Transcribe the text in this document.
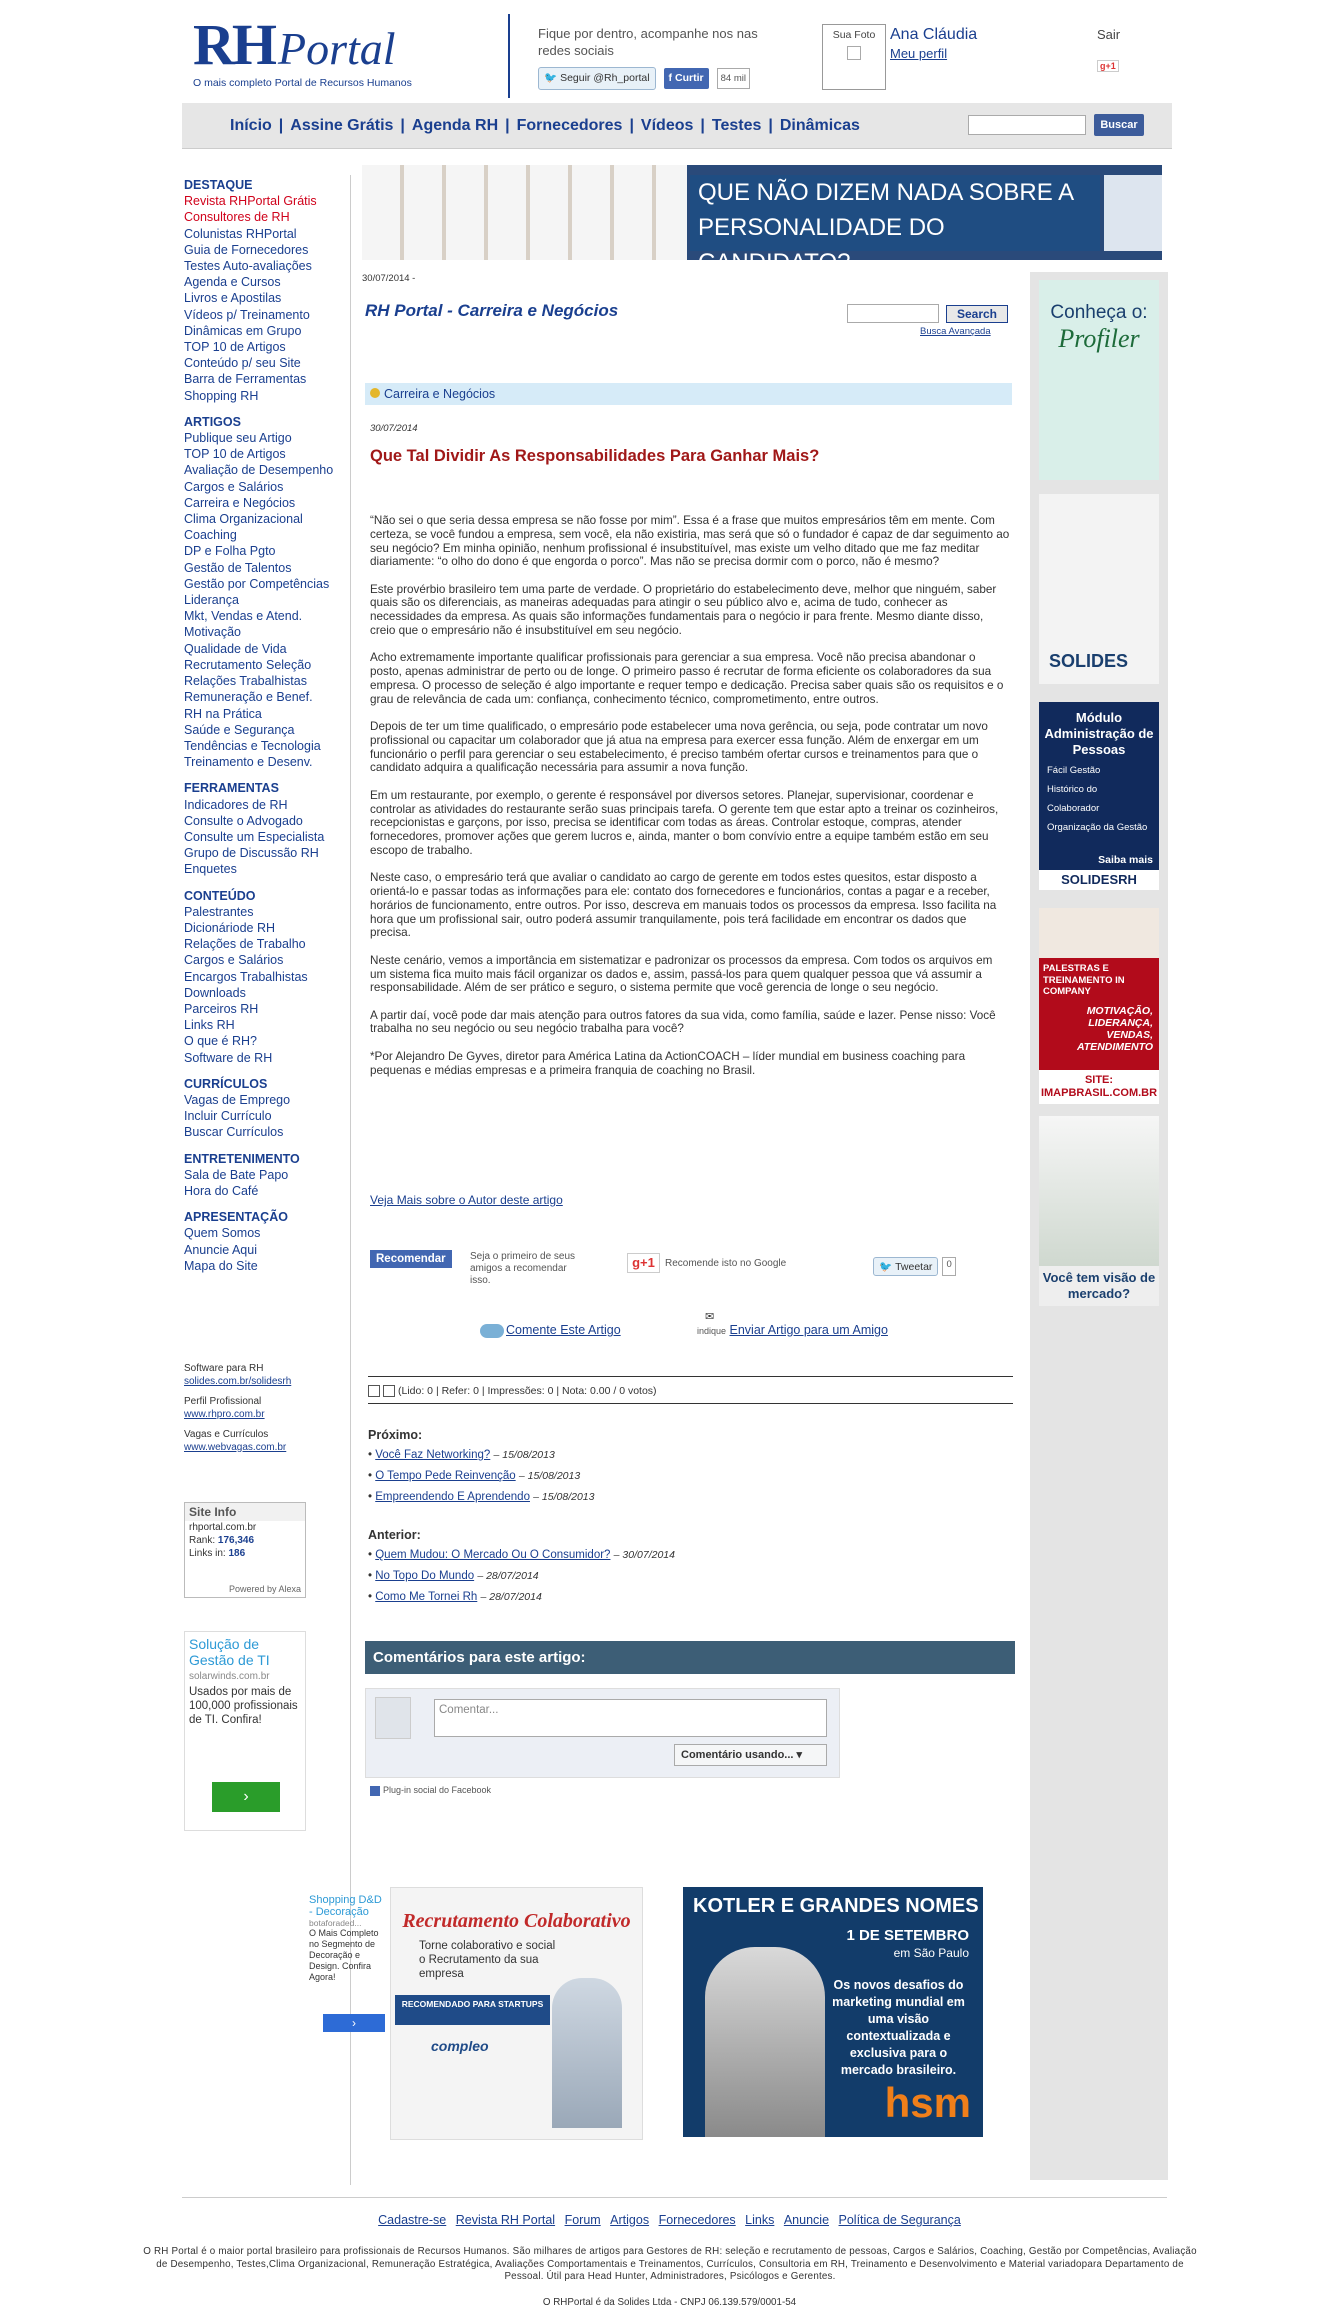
RHPortal
O mais completo Portal de Recursos Humanos
Fique por dentro, acompanhe nos nas redes sociais
🐦 Seguir @Rh_portal f Curtir	84 mil
Sua Foto Ana Cláudia
Meu perfil
Sair
g+1
Início | Assine Grátis | Agenda RH | Fornecedores | Vídeos | Testes | Dinâmicas	Buscar
QUE NÃO DIZEM NADA SOBRE A PERSONALIDADE DO CANDIDATO?
DESTAQUE
Revista RHPortal Grátis
Consultores de RH
Colunistas RHPortal
Guia de Fornecedores
Testes Auto-avaliações
Agenda e Cursos
Livros e Apostilas
Vídeos p/ Treinamento
Dinâmicas em Grupo
TOP 10 de Artigos
Conteúdo p/ seu Site
Barra de Ferramentas
Shopping RH
ARTIGOS
Publique seu Artigo
TOP 10 de Artigos
Avaliação de Desempenho
Cargos e Salários
Carreira e Negócios
Clima Organizacional
Coaching
DP e Folha Pgto
Gestão de Talentos
Gestão por Competências
Liderança
Mkt, Vendas e Atend.
Motivação
Qualidade de Vida
Recrutamento Seleção
Relações Trabalhistas
Remuneração e Benef.
RH na Prática
Saúde e Segurança
Tendências e Tecnologia
Treinamento e Desenv.
FERRAMENTAS
Indicadores de RH
Consulte o Advogado
Consulte um Especialista
Grupo de Discussão RH
Enquetes
CONTEÚDO
Palestrantes
Dicionáriode RH
Relações de Trabalho
Cargos e Salários
Encargos Trabalhistas
Downloads
Parceiros RH
Links RH
O que é RH?
Software de RH
CURRÍCULOS
Vagas de Emprego
Incluir Currículo
Buscar Currículos
ENTRETENIMENTO
Sala de Bate Papo
Hora do Café
APRESENTAÇÃO
Quem Somos
Anuncie Aqui
Mapa do Site
Software para RH
solides.com.br/solidesrh
Perfil Profissional
www.rhpro.com.br
Vagas e Currículos
www.webvagas.com.br
Site Info
rhportal.com.br
Rank: 176,346
Links in: 186
Powered by Alexa
Solução de Gestão de TI
solarwinds.com.br
Usados por mais de 100,000 profissionais de TI. Confira!
›
30/07/2014 -
RH Portal - Carreira e Negócios	Search
Busca Avançada
Carreira e Negócios
30/07/2014
Que Tal Dividir As Responsabilidades Para Ganhar Mais?

“Não sei o que seria dessa empresa se não fosse por mim”. Essa é a frase que muitos empresários têm em mente. Com certeza, se você fundou a empresa, sem você, ela não existiria, mas será que só o fundador é capaz de dar seguimento ao seu negócio? Em minha opinião, nenhum profissional é insubstituível, mas existe um velho ditado que me faz meditar diariamente: “o olho do dono é que engorda o porco”. Mas não se precisa dormir com o porco, não é mesmo?

Este provérbio brasileiro tem uma parte de verdade. O proprietário do estabelecimento deve, melhor que ninguém, saber quais são os diferenciais, as maneiras adequadas para atingir o seu público alvo e, acima de tudo, conhecer as necessidades da empresa. As quais são informações fundamentais para o negócio ir para frente. Mesmo diante disso, creio que o empresário não é insubstituível em seu negócio.

Acho extremamente importante qualificar profissionais para gerenciar a sua empresa. Você não precisa abandonar o posto, apenas administrar de perto ou de longe. O primeiro passo é recrutar de forma eficiente os colaboradores da sua empresa. O processo de seleção é algo importante e requer tempo e dedicação. Precisa saber quais são os requisitos e o grau de relevância de cada um: confiança, conhecimento técnico, comprometimento, entre outros.

Depois de ter um time qualificado, o empresário pode estabelecer uma nova gerência, ou seja, pode contratar um novo profissional ou capacitar um colaborador que já atua na empresa para exercer essa função. Além de enxergar em um funcionário o perfil para gerenciar o seu estabelecimento, é preciso também ofertar cursos e treinamentos para que o candidato adquira a qualificação necessária para assumir a nova função.

Em um restaurante, por exemplo, o gerente é responsável por diversos setores. Planejar, supervisionar, coordenar e controlar as atividades do restaurante serão suas principais tarefa. O gerente tem que estar apto a treinar os cozinheiros, recepcionistas e garçons, por isso, precisa se identificar com todas as áreas. Controlar estoque, compras, atender fornecedores, promover ações que gerem lucros e, ainda, manter o bom convívio entre a equipe também estão em seu escopo de trabalho.

Neste caso, o empresário terá que avaliar o candidato ao cargo de gerente em todos estes quesitos, estar disposto a orientá-lo e passar todas as informações para ele: contato dos fornecedores e funcionários, contas a pagar e a receber, horários de funcionamento, entre outros. Por isso, descreva em manuais todos os processos da empresa. Isso facilita na hora que um profissional sair, outro poderá assumir tranquilamente, pois terá facilidade em encontrar os dados que precisa.

Neste cenário, vemos a importância em sistematizar e padronizar os processos da empresa. Com todos os arquivos em um sistema fica muito mais fácil organizar os dados e, assim, passá-los para quem qualquer pessoa que vá assumir a responsabilidade. Além de ser prático e seguro, o sistema permite que você gerencia de longe o seu negócio.

A partir daí, você pode dar mais atenção para outros fatores da sua vida, como família, saúde e lazer. Pense nisso: Você trabalha no seu negócio ou seu negócio trabalha para você?

*Por Alejandro De Gyves, diretor para América Latina da ActionCOACH – líder mundial em business coaching para pequenas e médias empresas e a primeira franquia de coaching no Brasil.

Veja Mais sobre o Autor deste artigo
Recomendar	Seja o primeiro de seus amigos a recomendar isso.
g+1	Recomende isto no Google	🐦 Tweetar	0
Comente Este Artigo
✉
indique Enviar Artigo para um Amigo
(Lido: 0 | Refer: 0 | Impressões: 0 | Nota: 0.00 / 0 votos)
Próximo:
• Você Faz Networking? – 15/08/2013
• O Tempo Pede Reinvenção – 15/08/2013
• Empreendendo E Aprendendo – 15/08/2013
Anterior:
• Quem Mudou: O Mercado Ou O Consumidor? – 30/07/2014
• No Topo Do Mundo – 28/07/2014
• Como Me Tornei Rh – 28/07/2014
Comentários para este artigo:
Comentar...
Comentário usando... ▾
Plug-in social do Facebook
Shopping D&D - Decoração
botaforaded...
O Mais Completo no Segmento de Decoração e Design. Confira Agora!
›
Recrutamento Colaborativo
Torne colaborativo e social o Recrutamento da sua empresa
RECOMENDADO PARA STARTUPS
compleo
KOTLER E GRANDES NOMES
1 DE SETEMBRO
em São Paulo
Os novos desafios do marketing mundial em uma visão contextualizada e exclusiva para o mercado brasileiro.
hsm
Conheça o:
Profiler
SOLIDES
Módulo Administração de Pessoas
Fácil Gestão
Histórico do Colaborador
Organização da Gestão
Saiba mais
SOLIDESRH
PALESTRAS E TREINAMENTO IN COMPANY
MOTIVAÇÃO, LIDERANÇA, VENDAS, ATENDIMENTO
SITE:
IMAPBRASIL.COM.BR
Você tem visão de mercado?
Cadastre-se Revista RH Portal Forum Artigos Fornecedores Links Anuncie Política de Segurança
O RH Portal é o maior portal brasileiro para profissionais de Recursos Humanos. São milhares de artigos para Gestores de RH: seleção e recrutamento de pessoas, Cargos e Salários, Coaching, Gestão por Competências, Avaliação de Desempenho, Testes,Clima Organizacional, Remuneração Estratégica, Avaliações Comportamentais e Treinamentos, Currículos, Consultoria em RH, Treinamento e Desenvolvimento e Material variadopara Departamento de Pessoal. Útil para Head Hunter, Administradores, Psicólogos e Gerentes.
O RHPortal é da Solides Ltda - CNPJ 06.139.579/0001-54
